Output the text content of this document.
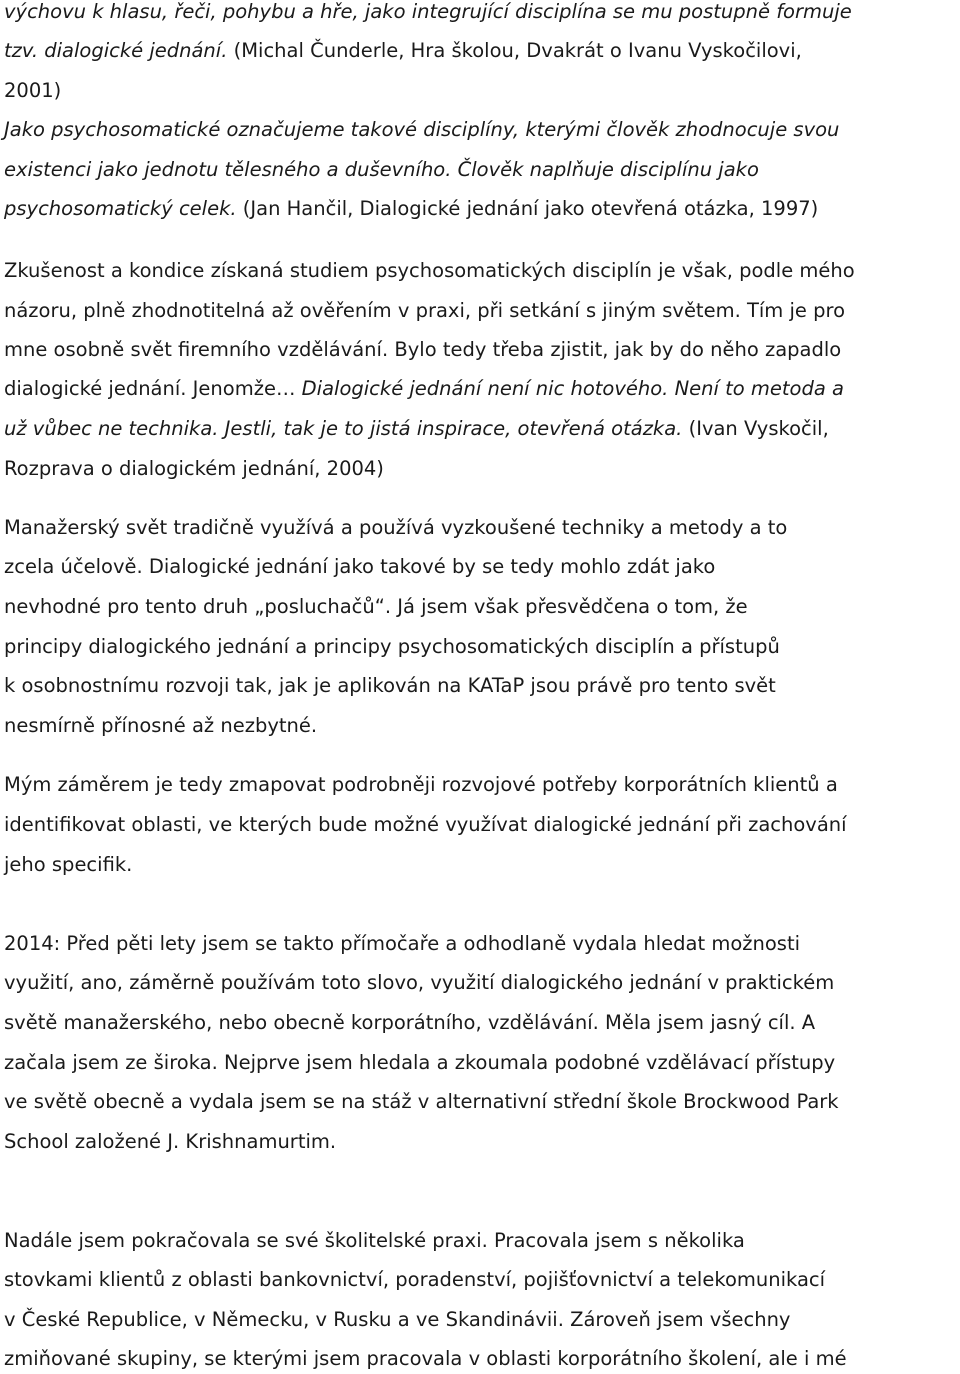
výchovu k hlasu, řeči, pohybu a hře, jako integrující disciplína se mu postupně formuje
tzv. dialogické jednání. (Michal Čunderle, Hra školou, Dvakrát o Ivanu Vyskočilovi,
2001)
Jako psychosomatické označujeme takové disciplíny, kterými člověk zhodnocuje svou
existenci jako jednotu tělesného a duševního. Člověk naplňuje disciplínu jako
psychosomatický celek. (Jan Hančil, Dialogické jednání jako otevřená otázka, 1997)
Zkušenost a kondice získaná studiem psychosomatických disciplín je však, podle mého
názoru, plně zhodnotitelná až ověřením v praxi, při setkání s jiným světem. Tím je pro
mne osobně svět firemního vzdělávání. Bylo tedy třeba zjistit, jak by do něho zapadlo
dialogické jednání. Jenomže… Dialogické jednání není nic hotového. Není to metoda a
už vůbec ne technika. Jestli, tak je to jistá inspirace, otevřená otázka. (Ivan Vyskočil,
Rozprava o dialogickém jednání, 2004)
Manažerský svět tradičně využívá a používá vyzkoušené techniky a metody a to
zcela účelově. Dialogické jednání jako takové by se tedy mohlo zdát jako
nevhodné pro tento druh „posluchačů“. Já jsem však přesvědčena o tom, že
principy dialogického jednání a principy psychosomatických disciplín a přístupů
k osobnostnímu rozvoji tak, jak je aplikován na KATaP jsou právě pro tento svět
nesmírně přínosné až nezbytné.
Mým záměrem je tedy zmapovat podrobněji rozvojové potřeby korporátních klientů a
identifikovat oblasti, ve kterých bude možné využívat dialogické jednání při zachování
jeho specifik.
2014: Před pěti lety jsem se takto přímočaře a odhodlaně vydala hledat možnosti
využití, ano, záměrně používám toto slovo, využití dialogického jednání v praktickém
světě manažerského, nebo obecně korporátního, vzdělávání. Měla jsem jasný cíl. A
začala jsem ze široka. Nejprve jsem hledala a zkoumala podobné vzdělávací přístupy
ve světě obecně a vydala jsem se na stáž v alternativní střední škole Brockwood Park
School založené J. Krishnamurtim.
Nadále jsem pokračovala se své školitelské praxi. Pracovala jsem s několika
stovkami klientů z oblasti bankovnictví, poradenství, pojišťovnictví a telekomunikací
v České Republice, v Německu, v Rusku a ve Skandinávii. Zároveň jsem všechny
zmiňované skupiny, se kterými jsem pracovala v oblasti korporátního školení, ale i mé
